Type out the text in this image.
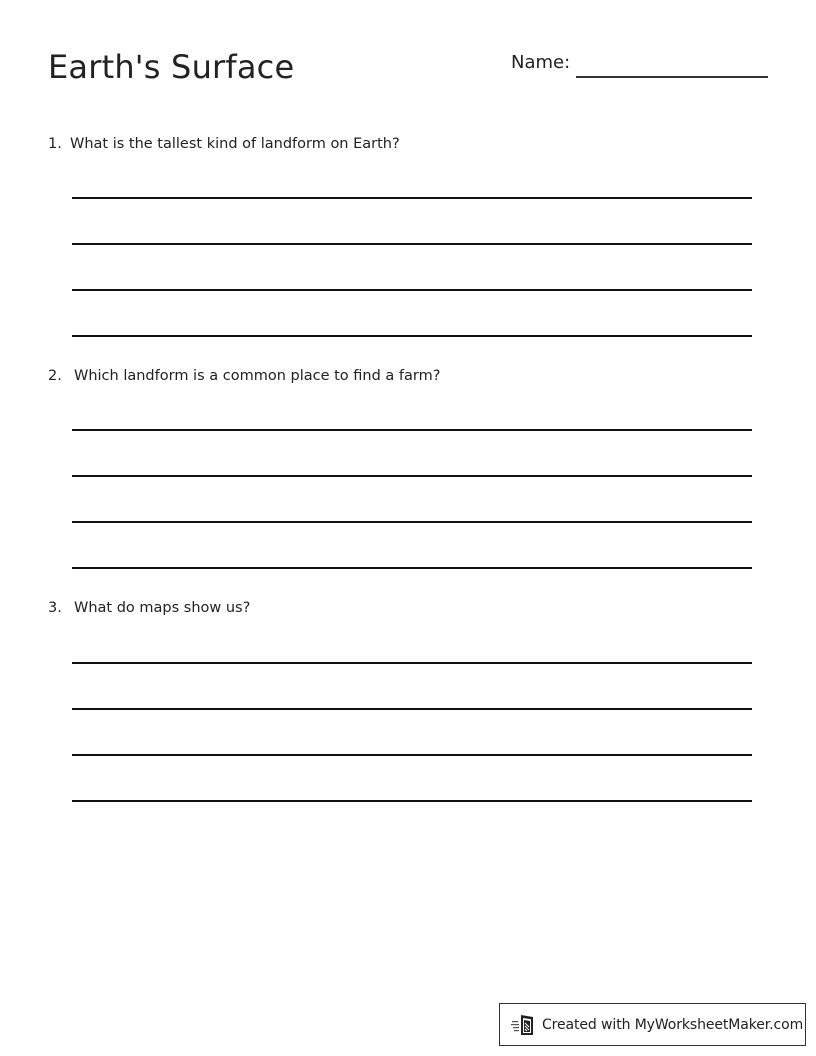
Earth's Surface	Name:
1. What is the tallest kind of landform on Earth?
2. Which landform is a common place to find a farm?
3. What do maps show us?
Created with MyWorksheetMaker.com
